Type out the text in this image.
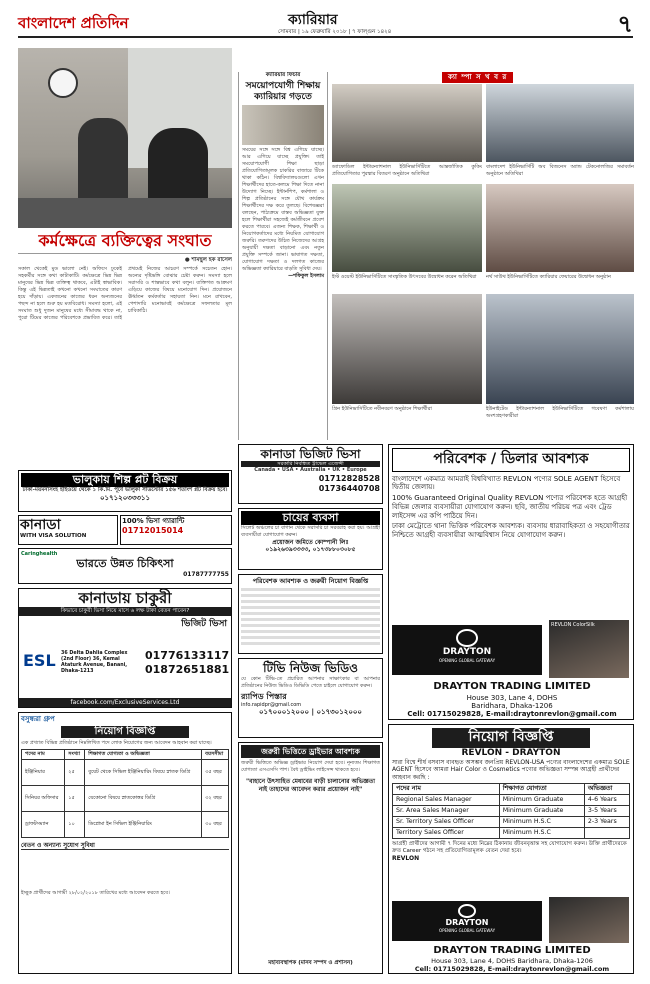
বাংলাদেশ প্রতিদিন	ক্যারিয়ার
সোমবার | ১৯ ফেব্রুয়ারি ২০১৮ | ৭ ফাল্গুন ১৪২৪	৭
কর্মক্ষেত্রে ব্যক্তিত্বের সংঘাত
● শামছুল হক রাসেল
সকাল থেকেই মুড ভালো নেই। অফিসে ঢুকেই সহকর্মীর সঙ্গে কথা কাটাকাটি। কর্মক্ষেত্রে ভিন্ন ভিন্ন মানুষের ভিন্ন ভিন্ন ব্যক্তিত্ব থাকবে, এটাই স্বাভাবিক। কিন্তু এই ভিন্নতাই কখনো কখনো সংঘাতের কারণ হয়ে দাঁড়ায়। একজনের কাজের ধরন অন্যজনের পছন্দ না হলে শুরু হয় মতবিরোধ। সমস্যা হলো, এই সংঘাত শুধু দুজন মানুষের মধ্যে সীমাবদ্ধ থাকে না, পুরো টিমের কাজের পরিবেশকে প্রভাবিত করে। তাই প্রথমেই নিজের আচরণ সম্পর্কে সচেতন হোন। অন্যের দৃষ্টিভঙ্গি বোঝার চেষ্টা করুন। সমস্যা হলে সরাসরি ও শান্তভাবে কথা বলুন। ব্যক্তিগত আক্রমণ এড়িয়ে কাজের বিষয়ে মনোযোগ দিন। প্রয়োজনে ঊর্ধ্বতন কর্মকর্তার সহায়তা নিন। মনে রাখবেন, পেশাদারি মনোভাবই কর্মক্ষেত্রে সফলতার মূল চাবিকাঠি।
ক্যারিয়ার ফিচার
সময়োপযোগী শিক্ষায় ক্যারিয়ার গড়তে
সময়ের সঙ্গে সঙ্গে বিশ্ব এগিয়ে যাচ্ছে। আর এগিয়ে যাচ্ছে প্রযুক্তি। তাই সময়োপযোগী শিক্ষা ছাড়া প্রতিযোগিতামূলক চাকরির বাজারে টিকে থাকা কঠিন। বিশ্ববিদ্যালয়গুলো এখন শিক্ষার্থীদের হাতে-কলমে শিক্ষা দিতে নানা উদ্যোগ নিচ্ছে। ইন্টার্নশিপ, কর্মশালা ও শিল্প প্রতিষ্ঠানের সঙ্গে যৌথ কার্যক্রম শিক্ষার্থীদের দক্ষ করে তুলছে। বিশেষজ্ঞরা বলছেন, পাঠ্যক্রমে বাস্তব অভিজ্ঞতা যুক্ত হলে শিক্ষার্থীরা সহজেই কর্মজীবনে প্রবেশ করতে পারবে। এজন্য শিক্ষক, শিক্ষার্থী ও নিয়োগকর্তাদের মধ্যে নিয়মিত যোগাযোগ জরুরি। তরুণদের উচিত নিজেদের আগ্রহ অনুযায়ী দক্ষতা বাড়ানো এবং নতুন প্রযুক্তি সম্পর্কে জানা। ভাষাগত দক্ষতা, যোগাযোগ দক্ষতা ও দলগত কাজের অভিজ্ঞতা ক্যারিয়ারে বাড়তি সুবিধা দেয়।
—শফিকুল ইসলাম
ক্যা ম্পা স খ ব র
ড্যাফোডিল ইন্টারন্যাশনাল ইউনিভার্সিটিতে আন্তর্জাতিক কুকিং প্রতিযোগিতার পুরস্কার বিতরণ অনুষ্ঠানে অতিথিরা
বাংলাদেশ ইউনিভার্সিটি অব বিজনেস অ্যান্ড টেকনোলজির সমাবর্তন অনুষ্ঠানে অতিথিরা
ইস্ট ওয়েস্ট ইউনিভার্সিটিতে সাংস্কৃতিক উৎসবের উদ্বোধন করেন অতিথিরা	নর্থ সাউথ ইউনিভার্সিটিতে ক্যারিয়ার ফেয়ারের উদ্বোধন অনুষ্ঠান
গ্রিন ইউনিভার্সিটিতে নবীনবরণ অনুষ্ঠানে শিক্ষার্থীরা	ইউনাইটেড ইন্টারন্যাশনাল ইউনিভার্সিটিতে গবেষণা কর্মশালায় অংশগ্রহণকারীরা
ভালুকায় শিল্প প্লট বিক্রয়
ঢাকা-ময়মনসিংহ হাইওয়ে থেকে ১ কি.মি. পূর্বে ভালুকা সীডস্টোর ১৫৬ শতাংশ প্লট বিক্রয় হবে।
০১৭১২০৩৩৩১১
কানাডা
WITH VISA SOLUTION
100% ভিসা গ্যারান্টি
01712015014
Caringhealth
ভারতে উন্নত চিকিৎসা
01787777755
কানাডায় চাকুরী
কিভাবে চাকুরী ভিসা নিয়ে মাসে ৬ লক্ষ টাকা বেতন পাবেন?
ভিজিট ভিসা
ESL 36 Delta Dahlia Complex (2nd Floor) 36, Kemal Ataturk Avenue, Banani, Dhaka-1213
01776133117
01872651881
facebook.com/ExclusiveServices.Ltd
বসুন্ধরা গ্রুপ
নিয়োগ বিজ্ঞপ্তি
এক প্রখ্যাত বিভিন্ন প্রতিষ্ঠানে নিম্নলিখিত পদে লোক নিয়োগের জন্য আবেদন আহবান করা যাচ্ছে।
পদের নাম	সংখ্যা	শিক্ষাগত যোগ্যতা ও অভিজ্ঞতা	বয়সসীমা
ইঞ্জিনিয়ার	২৫	বুয়েট থেকে সিভিল ইঞ্জিনিয়ারিং বিষয়ে স্নাতক ডিগ্রি	৩৫ বছর
সিনিয়র অফিসার	১৫	যেকোনো বিষয়ে স্নাতকোত্তর ডিগ্রি	৩২ বছর
ড্রাফটসম্যান	১০	ডিপ্লোমা ইন সিভিল ইঞ্জিনিয়ারিং	৩০ বছর
বেতন ও অন্যান্য সুযোগ সুবিধা
ইচ্ছুক প্রার্থীদের আগামী ২৮/০২/২০১৮ তারিখের মধ্যে আবেদন করতে হবে।
কানাডা ভিজিট ভিসা
সরকারি নিবন্ধিত ট্রাভেল এজেন্সী
Canada • USA • Australia • UK • Europe
01712828528
01736440708
চায়ের ব্যবসা
সিলেট অঞ্চলের চা বাগান থেকে সরাসরি চা সরবরাহ করা হয়। আগ্রহী ব্যবসায়ীরা যোগাযোগ করুন।
প্রয়োজন জমিতে কোম্পানী লিঃ
০১৯২৬৩৯৩৩৩৩, ০১৭৩৮৮০৩০৮৫
পরিবেশক আবশ্যক ও জরুরী নিয়োগ বিজ্ঞপ্তি
টিভি নিউজ ভিডিও
যে কোন টিভি-তে প্রচারিত আপনার সাক্ষাৎকার বা আপনার প্রতিষ্ঠানের নিউজ ভিডিও ডিভিডি পেতে চাইলে যোগাযোগ করুন।
র‍্যাপিড পিস্তার
info.rapidpr@gmail.com
০১৭০০০১২০০০ | ০১৭৩০১২০০০
জরুরী ভিত্তিতে ড্রাইভার আবশ্যক
জরুরী ভিত্তিতে অভিজ্ঞ ড্রাইভার নিয়োগ দেয়া হবে। নূন্যতম শিক্ষাগত যোগ্যতা এসএসসি পাশ। বৈধ ড্রাইভিং লাইসেন্স থাকতে হবে।
"বাহানে উৎসাহিত মেধাবের বাড়ী চালানোর অভিজ্ঞতা নাই তাহাদের আবেদন করার প্রয়োজন নাই"
মহাব্যবস্থাপক (মানব সম্পদ ও প্রশাসন)
পরিবেশক / ডিলার আবশ্যক
বাংলাদেশে একমাত্র আমরাই বিশ্ববিখ্যাত REVLON পণ্যের SOLE AGENT হিসেবে দ্বিতীয় জেলায়।
100% Guaranteed Original Quality REVLON পণ্যের পরিবেশক হতে আগ্রহী বিভিন্ন জেলার ব্যবসায়ীরা যোগাযোগ করুন। ছবি, জাতীয় পরিচয় পত্র এবং ট্রেড লাইসেন্স এর কপি পাঠিয়ে দিন।
ঢাকা মেট্রোতে থানা ভিত্তিক পরিবেশক আবশ্যক। ব্যবসায় ধারাবাহিকতা ও সহযোগীতার নিশ্চিতে আগ্রহী ব্যবসায়ীরা আত্মবিশ্বাস নিয়ে যোগাযোগ করুন।
DRAYTON
OPENING GLOBAL GATEWAY
REVLON ColorSilk
DRAYTON TRADING LIMITED
House 303, Lane 4, DOHS
Baridhara, Dhaka-1206
Cell: 01715029828, E-mail:draytonrevlon@gmail.com
নিয়োগ বিজ্ঞপ্তি
REVLON - DRAYTON
সারা বিশ্বে শীর্ষ বসবাস ব্যবহৃত অসম্ভব জনপ্রিয় REVLON-USA পণ্যের বাংলাদেশের একমাত্র SOLE AGENT হিসেবে আমরা Hair Color ও Cosmetics পণ্যের অভিজ্ঞতা সম্পন্ন আগ্রহী প্রার্থীদের আহবান করছি :
পদের নাম	শিক্ষাগত যোগ্যতা	অভিজ্ঞতা
Regional Sales Manager	Minimum Graduate	4-6 Years
Sr. Area Sales Manager	Minimum Graduate	3-5 Years
Sr. Territory Sales Officer	Minimum H.S.C	2-3 Years
Territory Sales Officer	Minimum H.S.C	
আগ্রহী প্রার্থীদের আগামী ৭ দিনের মধ্যে নিম্নের ঠিকানায় জীবনবৃত্তান্ত সহ যোগাযোগ করুন। উক্তি প্রার্থীদেরকে দ্রুত Career গঠনে সহ প্রতিযোগিতামূলক বেতন দেয়া হবে।
REVLON
DRAYTON
OPENING GLOBAL GATEWAY
DRAYTON TRADING LIMITED
House 303, Lane 4, DOHS Baridhara, Dhaka-1206
Cell: 01715029828, E-mail:draytonrevlon@gmail.com
